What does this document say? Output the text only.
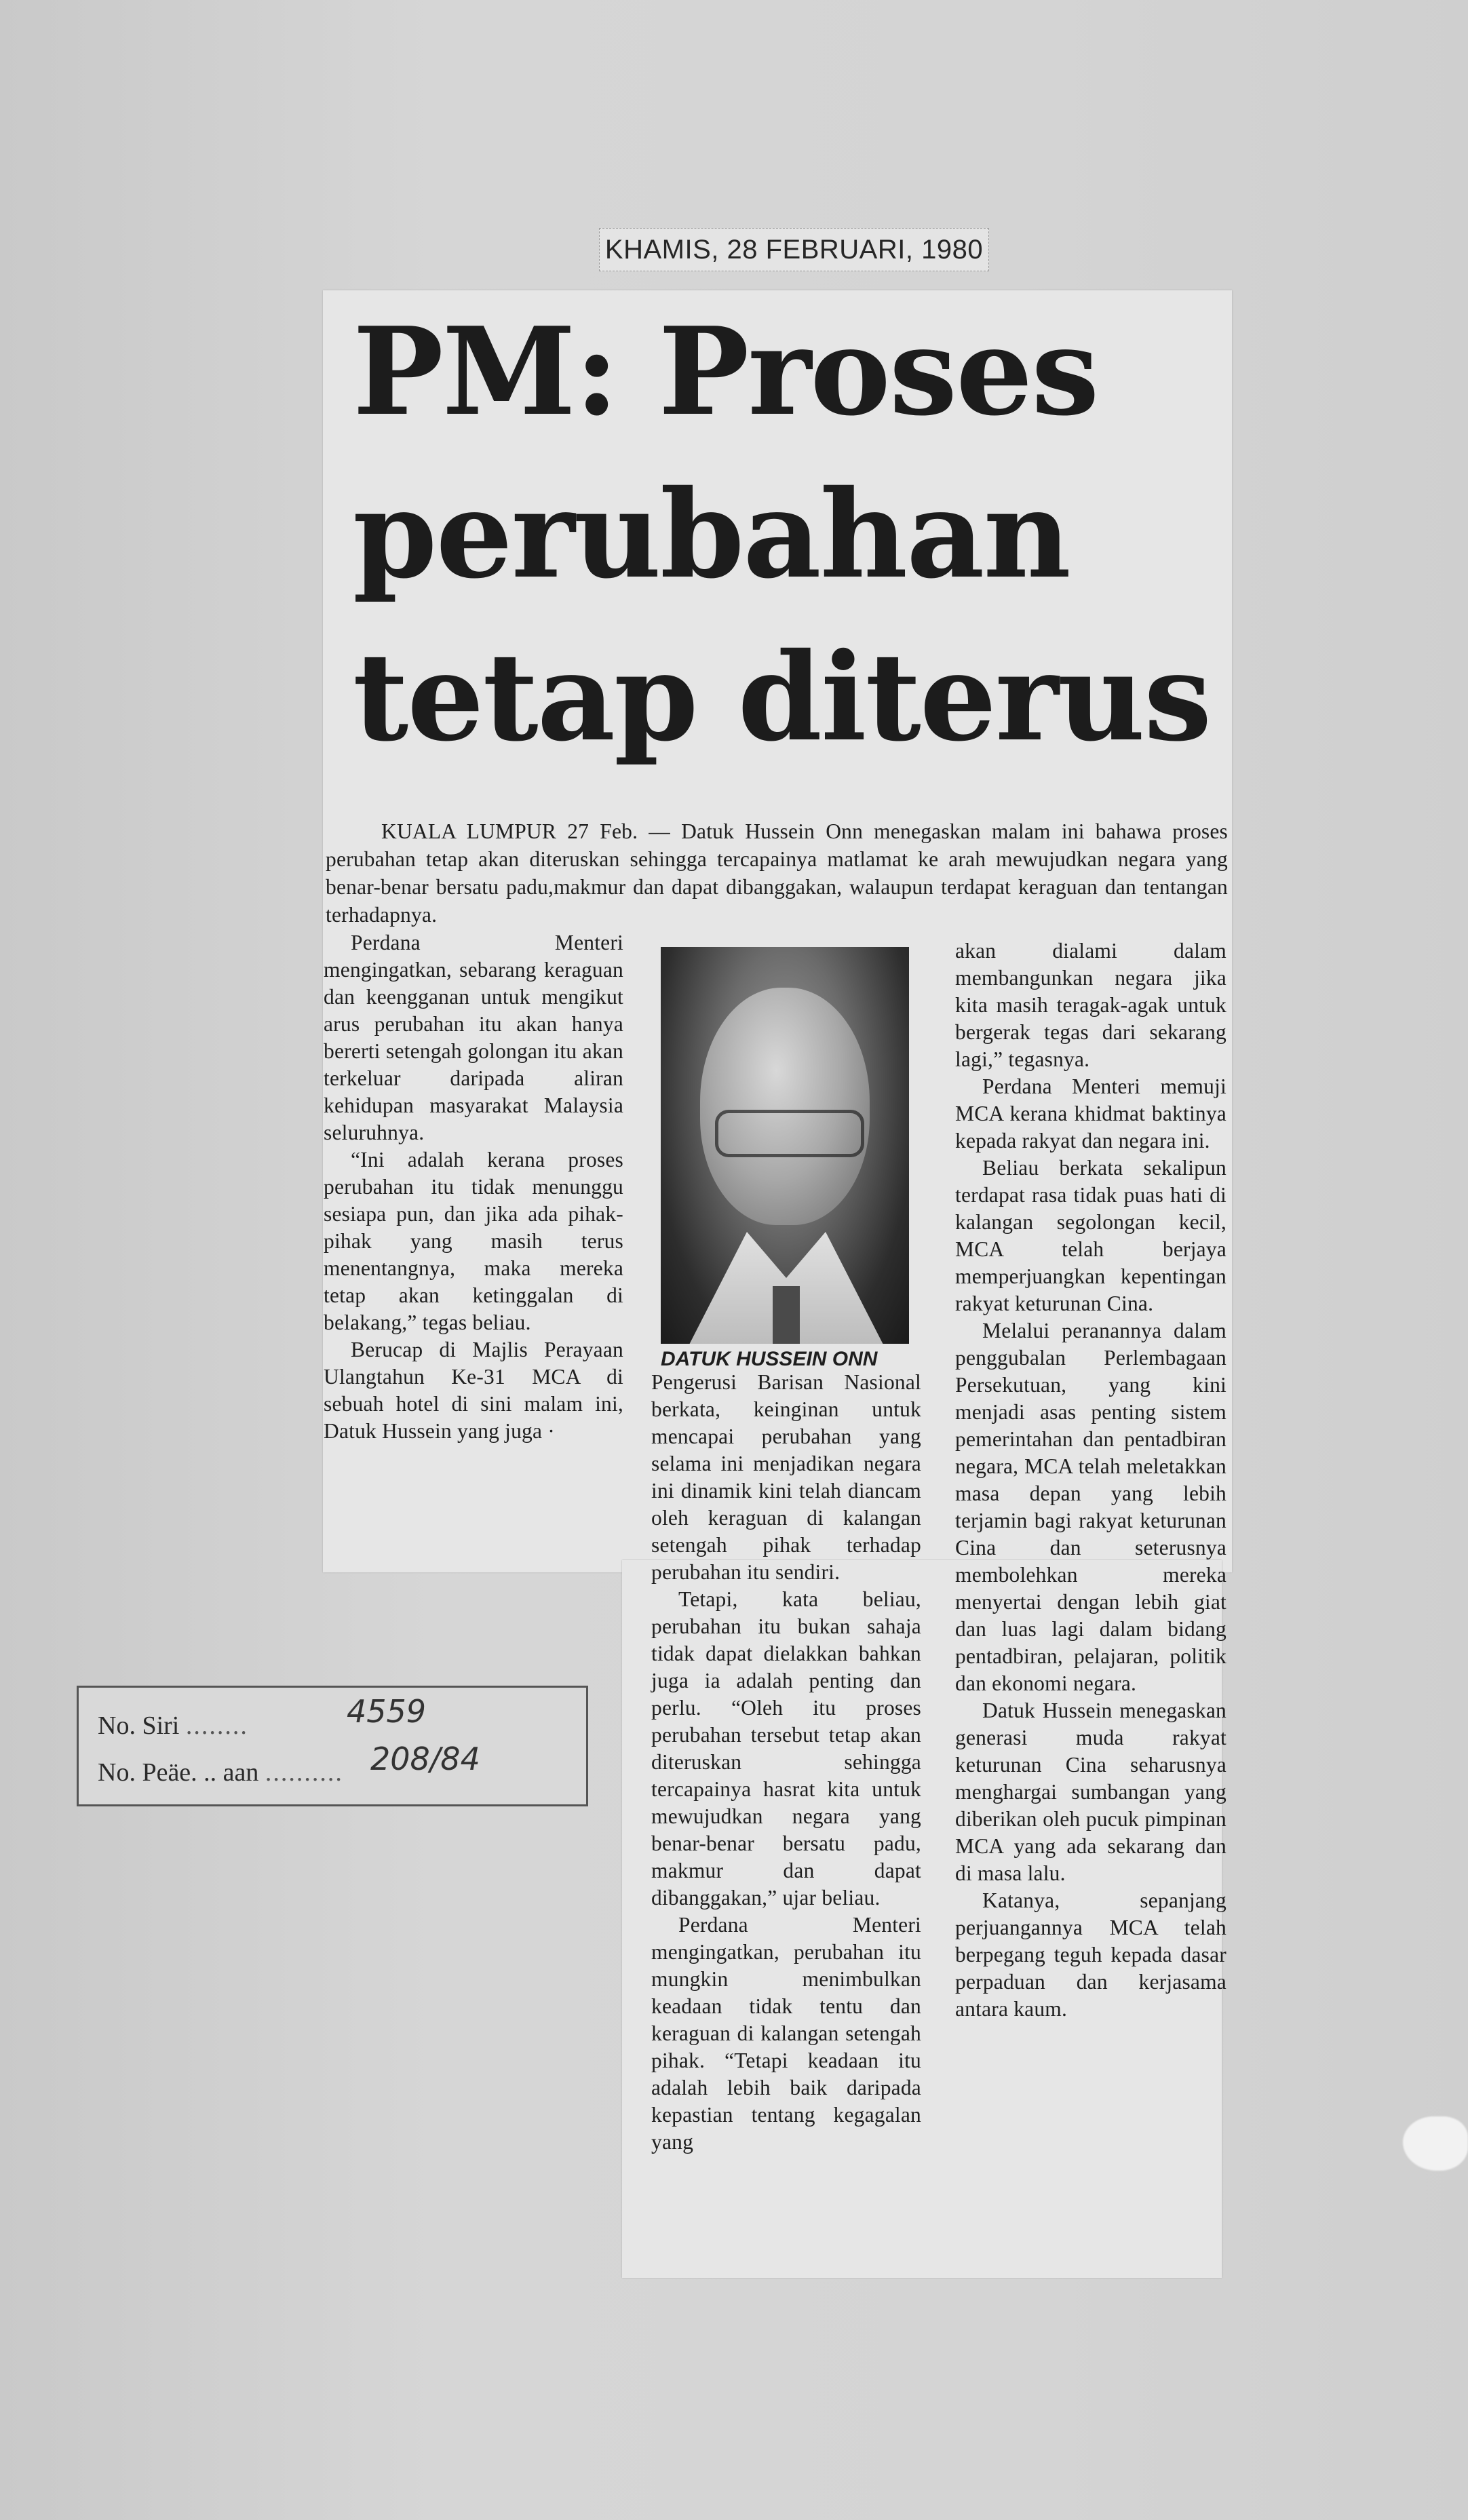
KHAMIS, 28 FEBRUARI, 1980
PM: Proses
perubahan
tetap diterus
KUALA LUMPUR 27 Feb. — Datuk Hussein Onn menegaskan malam ini bahawa proses perubahan tetap akan diteruskan sehingga tercapainya matlamat ke arah mewujudkan negara yang benar-benar bersatu padu,makmur dan dapat dibanggakan, walaupun terdapat keraguan dan tentangan terhadapnya.

Perdana Menteri mengingatkan, sebarang keraguan dan keengganan untuk mengikut arus perubahan itu akan hanya bererti setengah golongan itu akan terkeluar daripada aliran kehidupan masyarakat Malaysia seluruhnya.

“Ini adalah kerana proses perubahan itu tidak menunggu sesiapa pun, dan jika ada pihak-pihak yang masih terus menentangnya, maka mereka tetap akan ketinggalan di belakang,” tegas beliau.

Berucap di Majlis Perayaan Ulangtahun Ke-31 MCA di sebuah hotel di sini malam ini, Datuk Hussein yang juga ·

DATUK HUSSEIN ONN

Pengerusi Barisan Nasional berkata, keinginan untuk mencapai perubahan yang selama ini menjadikan negara ini dinamik kini telah diancam oleh keraguan di kalangan setengah pihak terhadap perubahan itu sendiri.

Tetapi, kata beliau, perubahan itu bukan sahaja tidak dapat dielakkan bahkan juga ia adalah penting dan perlu. “Oleh itu proses perubahan tersebut tetap akan diteruskan sehingga tercapainya hasrat kita untuk mewujudkan negara yang benar-benar bersatu padu, makmur dan dapat dibanggakan,” ujar beliau.

Perdana Menteri mengingatkan, perubahan itu mungkin menimbulkan keadaan tidak tentu dan keraguan di kalangan setengah pihak. “Tetapi keadaan itu adalah lebih baik daripada kepastian tentang kegagalan yang

akan dialami dalam membangunkan negara jika kita masih teragak-agak untuk bergerak tegas dari sekarang lagi,” tegasnya.

Perdana Menteri memuji MCA kerana khidmat baktinya kepada rakyat dan negara ini.

Beliau berkata sekalipun terdapat rasa tidak puas hati di kalangan segolongan kecil, MCA telah berjaya memperjuangkan kepentingan rakyat keturunan Cina.

Melalui peranannya dalam penggubalan Perlembagaan Persekutuan, yang kini menjadi asas penting sistem pemerintahan dan pentadbiran negara, MCA telah meletakkan masa depan yang lebih terjamin bagi rakyat keturunan Cina dan seterusnya membolehkan mereka menyertai dengan lebih giat dan luas lagi dalam bidang pentadbiran, pelajaran, politik dan ekonomi negara.

Datuk Hussein menegaskan generasi muda rakyat keturunan Cina seharusnya menghargai sumbangan yang diberikan oleh pucuk pimpinan MCA yang ada sekarang dan di masa lalu.

Katanya, sepanjang perjuangannya MCA telah berpegang teguh kepada dasar perpaduan dan kerjasama antara kaum.

No. Siri ........	4559
No. Peäe. .. aan .......... 208/84
